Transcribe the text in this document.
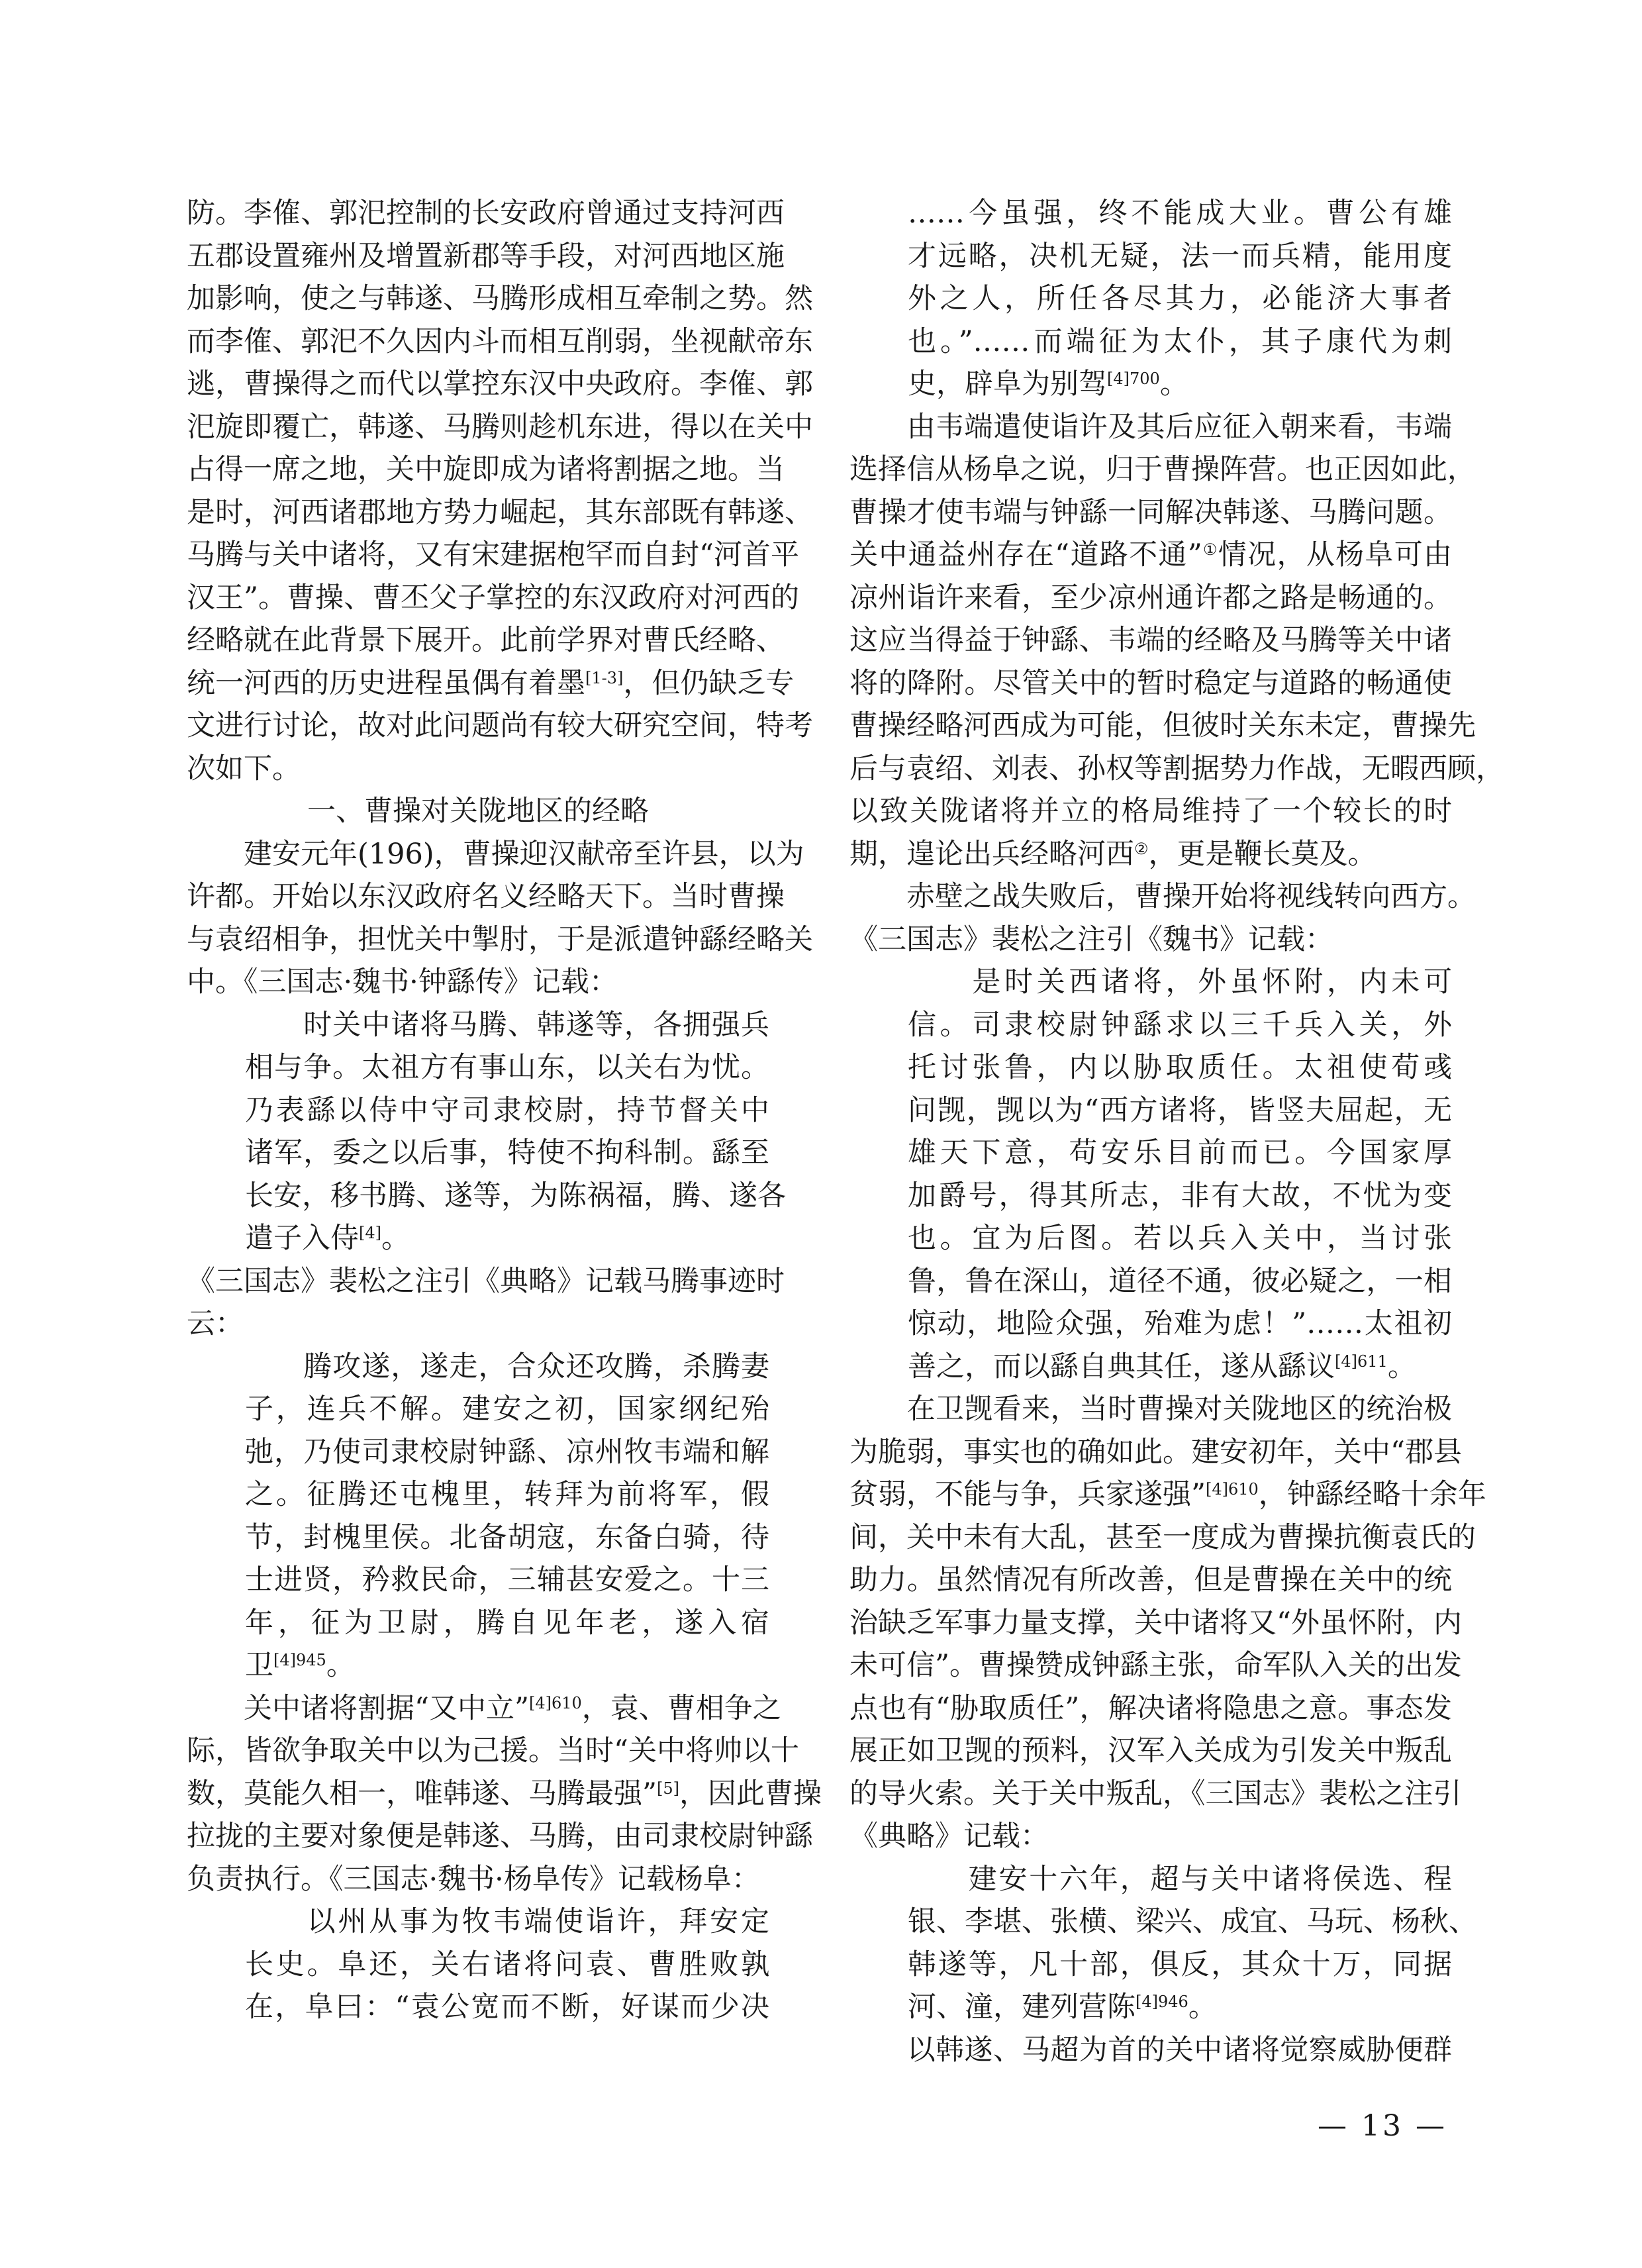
防。李傕、郭汜控制的长安政府曾通过支持河西
五郡设置雍州及增置新郡等手段，对河西地区施
加影响，使之与韩遂、马腾形成相互牵制之势。然
而李傕、郭汜不久因内斗而相互削弱，坐视献帝东
逃，曹操得之而代以掌控东汉中央政府。李傕、郭
汜旋即覆亡，韩遂、马腾则趁机东进，得以在关中
占得一席之地，关中旋即成为诸将割据之地。当
是时，河西诸郡地方势力崛起，其东部既有韩遂、
马腾与关中诸将，又有宋建据枹罕而自封“河首平
汉王”。曹操、曹丕父子掌控的东汉政府对河西的
经略就在此背景下展开。此前学界对曹氏经略、
统一河西的历史进程虽偶有着墨[1-3]，但仍缺乏专
文进行讨论，故对此问题尚有较大研究空间，特考
次如下。
一、曹操对关陇地区的经略
　　建安元年(196)，曹操迎汉献帝至许县，以为
许都。开始以东汉政府名义经略天下。当时曹操
与袁绍相争，担忧关中掣肘，于是派遣钟繇经略关
中。《三国志·魏书·钟繇传》记载：
　　时关中诸将马腾、韩遂等，各拥强兵
相与争。太祖方有事山东，以关右为忧。
乃表繇以侍中守司隶校尉，持节督关中
诸军，委之以后事，特使不拘科制。繇至
长安，移书腾、遂等，为陈祸福，腾、遂各
遣子入侍[4]。
《三国志》裴松之注引《典略》记载马腾事迹时
云：
　　腾攻遂，遂走，合众还攻腾，杀腾妻
子，连兵不解。建安之初，国家纲纪殆
弛，乃使司隶校尉钟繇、凉州牧韦端和解
之。征腾还屯槐里，转拜为前将军，假
节，封槐里侯。北备胡寇，东备白骑，待
士进贤，矜救民命，三辅甚安爱之。十三
年，征为卫尉，腾自见年老，遂入宿
卫$^{[4]945}$。
　　关中诸将割据“又中立”$^{[4]610}$，袁、曹相争之
际，皆欲争取关中以为己援。当时“关中将帅以十
数，莫能久相一，唯韩遂、马腾最强”[5]，因此曹操
拉拢的主要对象便是韩遂、马腾，由司隶校尉钟繇
负责执行。《三国志·魏书·杨阜传》记载杨阜：
　　以州从事为牧韦端使诣许，拜安定
长史。阜还，关右诸将问袁、曹胜败孰
在，阜曰：“袁公宽而不断，好谋而少决
……今虽强，终不能成大业。曹公有雄
才远略，决机无疑，法一而兵精，能用度
外之人，所任各尽其力，必能济大事者
也。”……而端征为太仆，其子康代为刺
史，辟阜为别驾$^{[4]700}$。
　　由韦端遣使诣许及其后应征入朝来看，韦端
选择信从杨阜之说，归于曹操阵营。也正因如此，
曹操才使韦端与钟繇一同解决韩遂、马腾问题。
关中通益州存在“道路不通”①情况，从杨阜可由
凉州诣许来看，至少凉州通许都之路是畅通的。
这应当得益于钟繇、韦端的经略及马腾等关中诸
将的降附。尽管关中的暂时稳定与道路的畅通使
曹操经略河西成为可能，但彼时关东未定，曹操先
后与袁绍、刘表、孙权等割据势力作战，无暇西顾，
以致关陇诸将并立的格局维持了一个较长的时
期，遑论出兵经略河西②，更是鞭长莫及。
　　赤壁之战失败后，曹操开始将视线转向西方。
《三国志》裴松之注引《魏书》记载：
　　是时关西诸将，外虽怀附，内未可
信。司隶校尉钟繇求以三千兵入关，外
托讨张鲁，内以胁取质任。太祖使荀彧
问觊，觊以为“西方诸将，皆竖夫屈起，无
雄天下意，苟安乐目前而已。今国家厚
加爵号，得其所志，非有大故，不忧为变
也。宜为后图。若以兵入关中，当讨张
鲁，鲁在深山，道径不通，彼必疑之，一相
惊动，地险众强，殆难为虑！”……太祖初
善之，而以繇自典其任，遂从繇议$^{[4]611}$。
　　在卫觊看来，当时曹操对关陇地区的统治极
为脆弱，事实也的确如此。建安初年，关中“郡县
贫弱，不能与争，兵家遂强”$^{[4]610}$，钟繇经略十余年
间，关中未有大乱，甚至一度成为曹操抗衡袁氏的
助力。虽然情况有所改善，但是曹操在关中的统
治缺乏军事力量支撑，关中诸将又“外虽怀附，内
未可信”。曹操赞成钟繇主张，命军队入关的出发
点也有“胁取质任”，解决诸将隐患之意。事态发
展正如卫觊的预料，汉军入关成为引发关中叛乱
的导火索。关于关中叛乱，《三国志》裴松之注引
《典略》记载：
　　建安十六年，超与关中诸将侯选、程
银、李堪、张横、梁兴、成宜、马玩、杨秋、
韩遂等，凡十部，俱反，其众十万，同据
河、潼，建列营陈$^{[4]946}$。
　　以韩遂、马超为首的关中诸将觉察威胁便群
— 13 —
